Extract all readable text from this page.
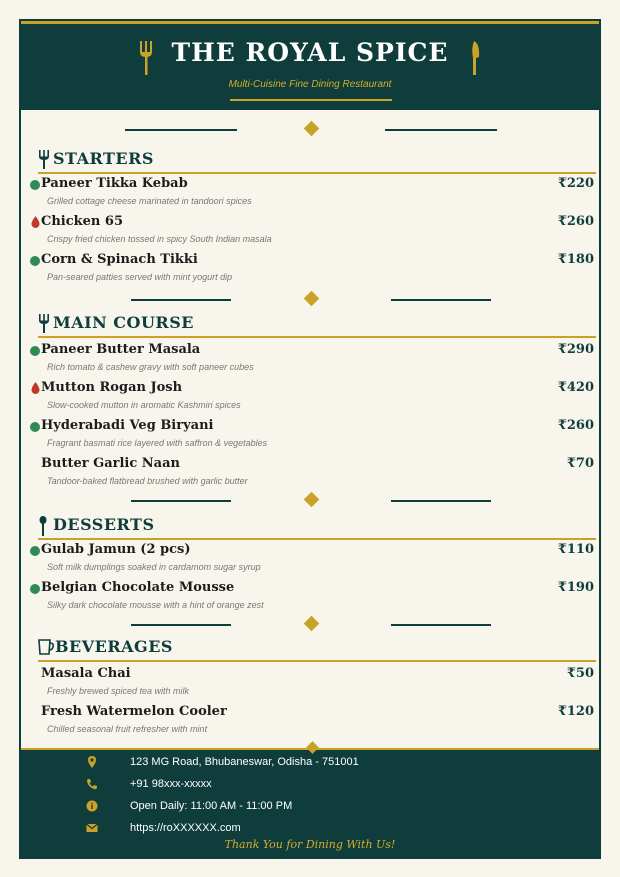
THE ROYAL SPICE
Multi-Cuisine Fine Dining Restaurant
STARTERS
Paneer Tikka Kebab
Grilled cottage cheese marinated in tandoori spices
₹220
Chicken 65
Crispy fried chicken tossed in spicy South Indian masala
₹260
Corn & Spinach Tikki
Pan-seared patties served with mint yogurt dip
₹180
MAIN COURSE
Paneer Butter Masala
Rich tomato & cashew gravy with soft paneer cubes
₹290
Mutton Rogan Josh
Slow-cooked mutton in aromatic Kashmiri spices
₹420
Hyderabadi Veg Biryani
Fragrant basmati rice layered with saffron & vegetables
₹260
Butter Garlic Naan
Tandoor-baked flatbread brushed with garlic butter
₹70
DESSERTS
Gulab Jamun (2 pcs)
Soft milk dumplings soaked in cardamom sugar syrup
₹110
Belgian Chocolate Mousse
Silky dark chocolate mousse with a hint of orange zest
₹190
BEVERAGES
Masala Chai
Freshly brewed spiced tea with milk
₹50
Fresh Watermelon Cooler
Chilled seasonal fruit refresher with mint
₹120
123 MG Road, Bhubaneswar, Odisha - 751001
+91 98xxx-xxxxx
Open Daily: 11:00 AM - 11:00 PM
https://roXXXXXX.com
Thank You for Dining With Us!
